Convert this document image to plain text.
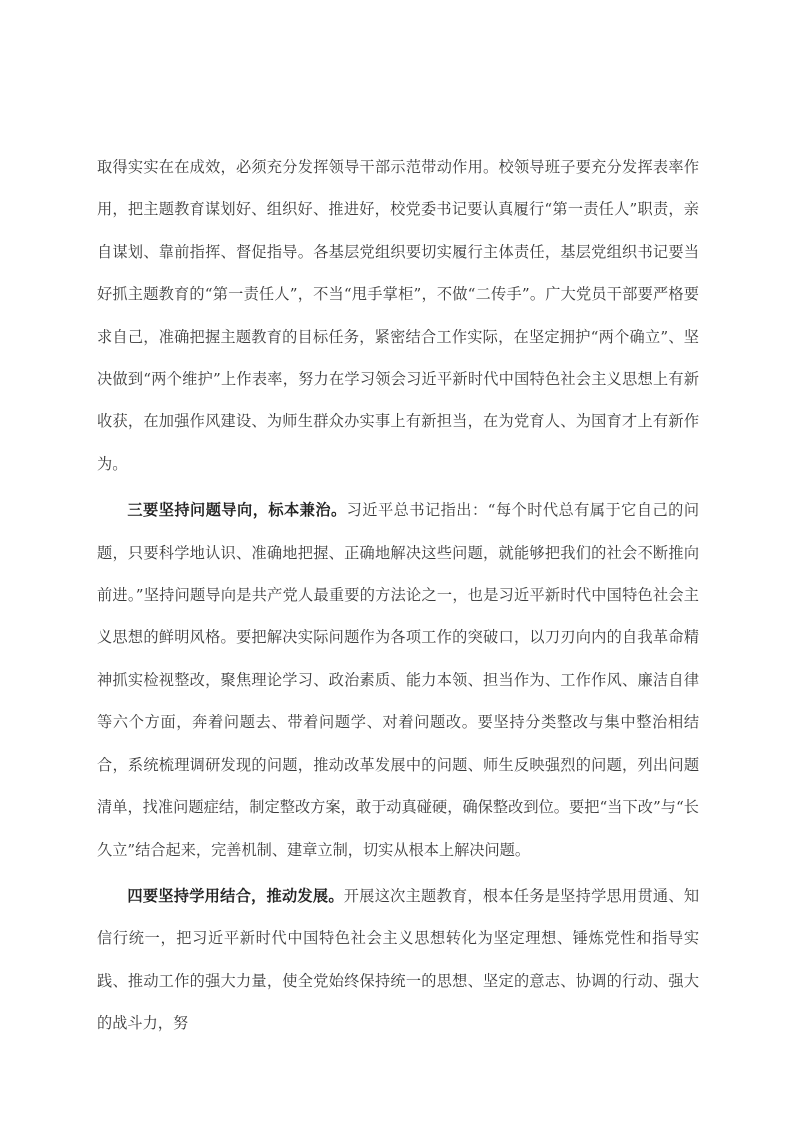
取得实实在在成效，必须充分发挥领导干部示范带动作用。校领导班子要充分发挥表率作用，把主题教育谋划好、组织好、推进好，校党委书记要认真履行“第一责任人”职责，亲自谋划、靠前指挥、督促指导。各基层党组织要切实履行主体责任，基层党组织书记要当好抓主题教育的“第一责任人”，不当“甩手掌柜”，不做“二传手”。广大党员干部要严格要求自己，准确把握主题教育的目标任务，紧密结合工作实际，在坚定拥护“两个确立”、坚决做到“两个维护”上作表率，努力在学习领会习近平新时代中国特色社会主义思想上有新收获，在加强作风建设、为师生群众办实事上有新担当，在为党育人、为国育才上有新作为。

三要坚持问题导向，标本兼治。习近平总书记指出：“每个时代总有属于它自己的问题，只要科学地认识、准确地把握、正确地解决这些问题，就能够把我们的社会不断推向前进。”坚持问题导向是共产党人最重要的方法论之一，也是习近平新时代中国特色社会主义思想的鲜明风格。要把解决实际问题作为各项工作的突破口，以刀刃向内的自我革命精神抓实检视整改，聚焦理论学习、政治素质、能力本领、担当作为、工作作风、廉洁自律等六个方面，奔着问题去、带着问题学、对着问题改。要坚持分类整改与集中整治相结合，系统梳理调研发现的问题，推动改革发展中的问题、师生反映强烈的问题，列出问题清单，找准问题症结，制定整改方案，敢于动真碰硬，确保整改到位。要把“当下改”与“长久立”结合起来，完善机制、建章立制，切实从根本上解决问题。

四要坚持学用结合，推动发展。开展这次主题教育，根本任务是坚持学思用贯通、知信行统一，把习近平新时代中国特色社会主义思想转化为坚定理想、锤炼党性和指导实践、推动工作的强大力量，使全党始终保持统一的思想、坚定的意志、协调的行动、强大的战斗力，努
